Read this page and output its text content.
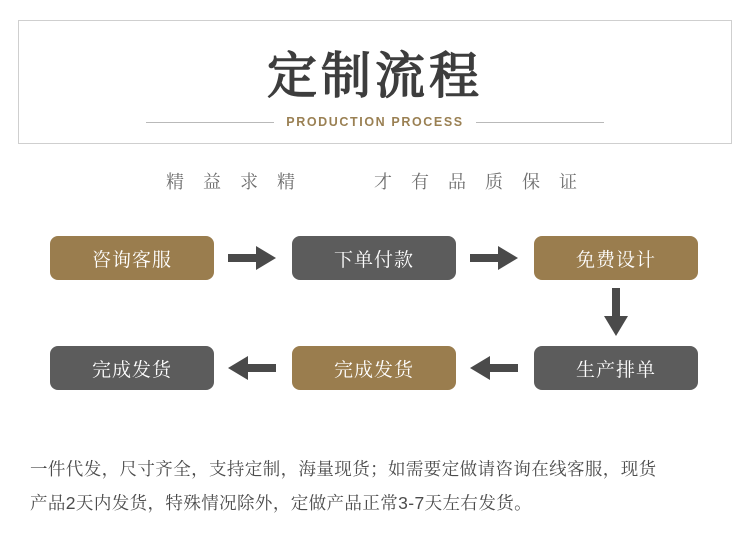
定制流程
PRODUCTION PROCESS
精 益 求 精      才 有 品 质 保 证
咨询客服	下单付款	免费设计
生产排单
完成发货
完成发货
一件代发，尺寸齐全，支持定制，海量现货；如需要定做请咨询在线客服，现货
产品2天内发货，特殊情况除外，定做产品正常3-7天左右发货。
